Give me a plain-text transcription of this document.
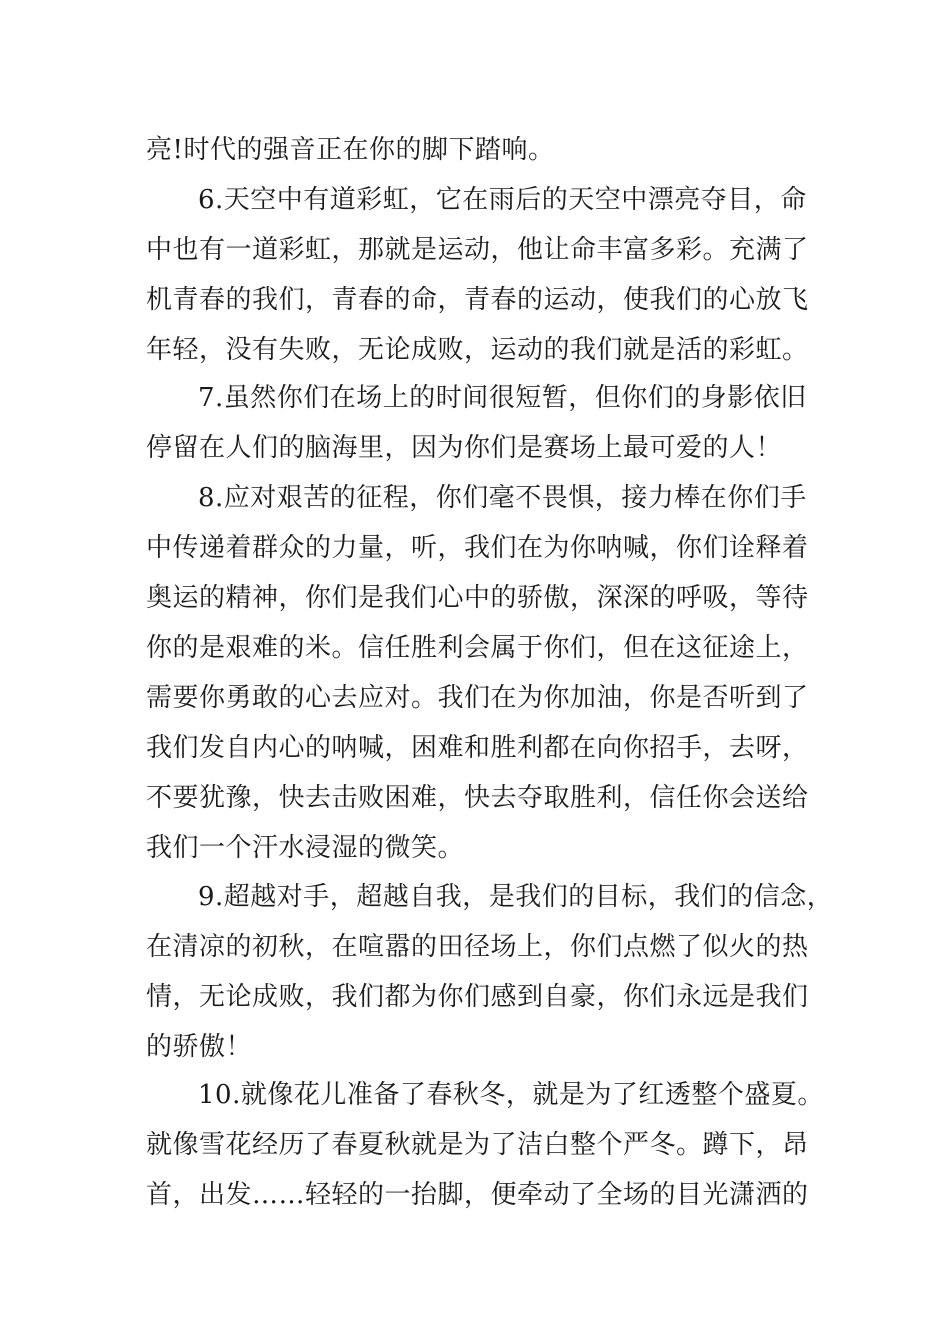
亮!时代的强音正在你的脚下踏响。
6.天空中有道彩虹，它在雨后的天空中漂亮夺目，命
中也有一道彩虹，那就是运动，他让命丰富多彩。充满了
机青春的我们，青春的命，青春的运动，使我们的心放飞
年轻，没有失败，无论成败，运动的我们就是活的彩虹。
7.虽然你们在场上的时间很短暂，但你们的身影依旧
停留在人们的脑海里，因为你们是赛场上最可爱的人！
8.应对艰苦的征程，你们毫不畏惧，接力棒在你们手
中传递着群众的力量，听，我们在为你呐喊，你们诠释着
奥运的精神，你们是我们心中的骄傲，深深的呼吸，等待
你的是艰难的米。信任胜利会属于你们，但在这征途上，
需要你勇敢的心去应对。我们在为你加油，你是否听到了
我们发自内心的呐喊，困难和胜利都在向你招手，去呀，
不要犹豫，快去击败困难，快去夺取胜利，信任你会送给
我们一个汗水浸湿的微笑。
9.超越对手，超越自我，是我们的目标，我们的信念，
在清凉的初秋，在喧嚣的田径场上，你们点燃了似火的热
情，无论成败，我们都为你们感到自豪，你们永远是我们
的骄傲！
10.就像花儿准备了春秋冬，就是为了红透整个盛夏。
就像雪花经历了春夏秋就是为了洁白整个严冬。蹲下，昂
首，出发……轻轻的一抬脚，便牵动了全场的目光潇洒的
